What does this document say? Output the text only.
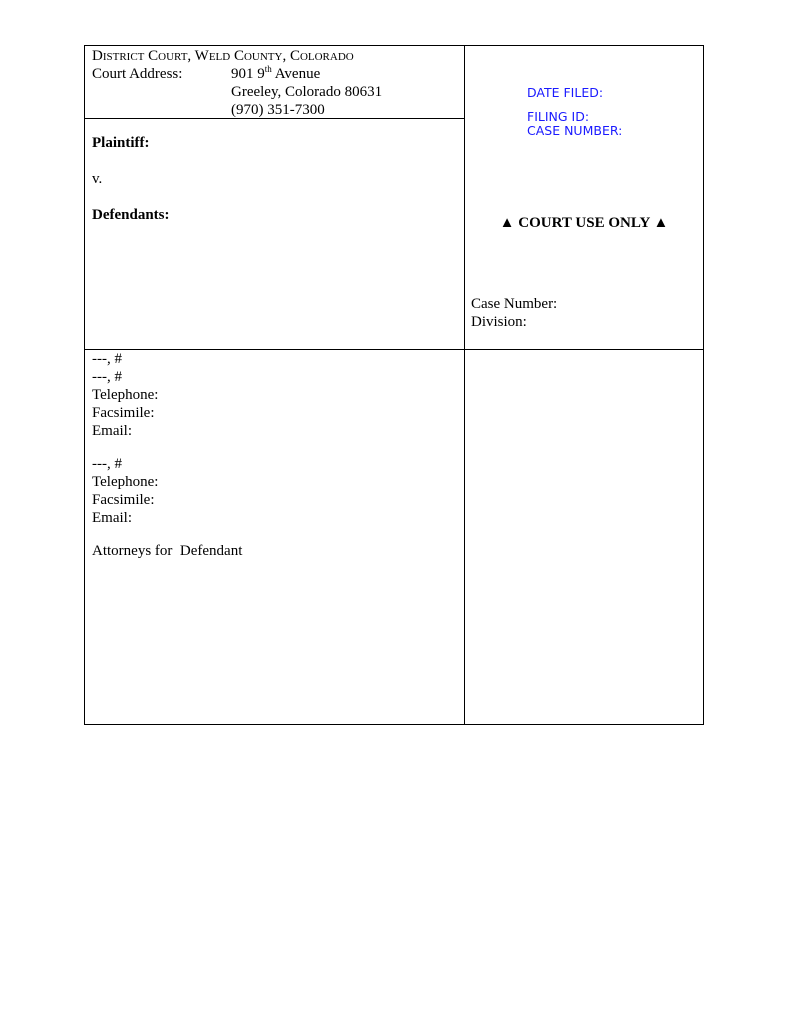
District Court, Weld County, Colorado
Court Address:	901 9th Avenue
Greeley, Colorado 80631
(970) 351-7300
Plaintiff:
v.
Defendants:
DATE FILED:
FILING ID:
CASE NUMBER:
▲ COURT USE ONLY ▲
Case Number:
Division:
---, #
---, #
Telephone:
Facsimile:
Email:
---, #
Telephone:
Facsimile:
Email:
Attorneys for  Defendant
